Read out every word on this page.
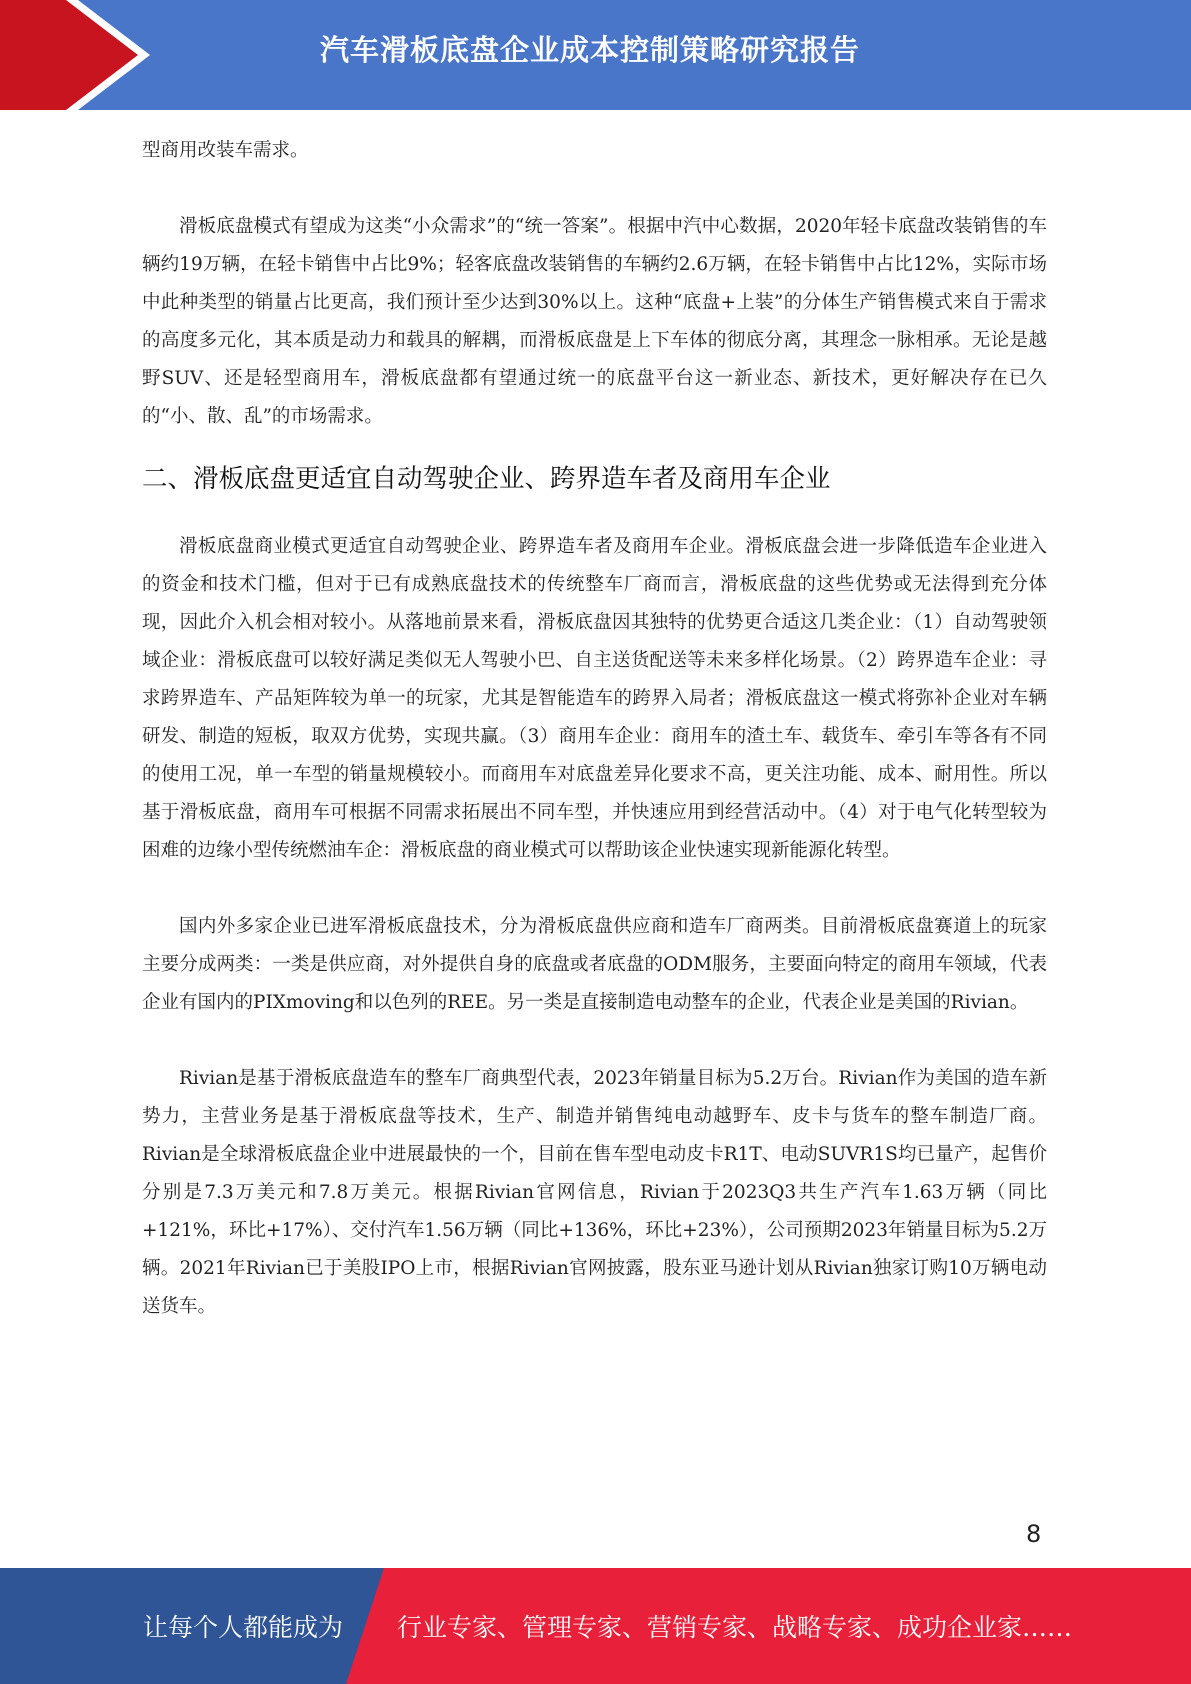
汽车滑板底盘企业成本控制策略研究报告

型商用改装车需求。

滑板底盘模式有望成为这类“小众需求”的“统一答案”。根据中汽中心数据，2020年轻卡底盘改装销售的车辆约19万辆，在轻卡销售中占比9%；轻客底盘改装销售的车辆约2.6万辆，在轻卡销售中占比12%，实际市场中此种类型的销量占比更高，我们预计至少达到30%以上。这种“底盘+上装”的分体生产销售模式来自于需求的高度多元化，其本质是动力和载具的解耦，而滑板底盘是上下车体的彻底分离，其理念一脉相承。无论是越野SUV、还是轻型商用车，滑板底盘都有望通过统一的底盘平台这一新业态、新技术，更好解决存在已久的“小、散、乱”的市场需求。

二、滑板底盘更适宜自动驾驶企业、跨界造车者及商用车企业

滑板底盘商业模式更适宜自动驾驶企业、跨界造车者及商用车企业。滑板底盘会进一步降低造车企业进入的资金和技术门槛，但对于已有成熟底盘技术的传统整车厂商而言，滑板底盘的这些优势或无法得到充分体现，因此介入机会相对较小。从落地前景来看，滑板底盘因其独特的优势更合适这几类企业：（1）自动驾驶领域企业：滑板底盘可以较好满足类似无人驾驶小巴、自主送货配送等未来多样化场景。（2）跨界造车企业：寻求跨界造车、产品矩阵较为单一的玩家，尤其是智能造车的跨界入局者；滑板底盘这一模式将弥补企业对车辆研发、制造的短板，取双方优势，实现共赢。（3）商用车企业：商用车的渣土车、载货车、牵引车等各有不同的使用工况，单一车型的销量规模较小。而商用车对底盘差异化要求不高，更关注功能、成本、耐用性。所以基于滑板底盘，商用车可根据不同需求拓展出不同车型，并快速应用到经营活动中。（4）对于电气化转型较为困难的边缘小型传统燃油车企：滑板底盘的商业模式可以帮助该企业快速实现新能源化转型。

国内外多家企业已进军滑板底盘技术，分为滑板底盘供应商和造车厂商两类。目前滑板底盘赛道上的玩家主要分成两类：一类是供应商，对外提供自身的底盘或者底盘的ODM服务，主要面向特定的商用车领域，代表企业有国内的PIXmoving和以色列的REE。另一类是直接制造电动整车的企业，代表企业是美国的Rivian。

Rivian是基于滑板底盘造车的整车厂商典型代表，2023年销量目标为5.2万台。Rivian作为美国的造车新势力，主营业务是基于滑板底盘等技术，生产、制造并销售纯电动越野车、皮卡与货车的整车制造厂商。Rivian是全球滑板底盘企业中进展最快的一个，目前在售车型电动皮卡R1T、电动SUVR1S均已量产，起售价分别是7.3万美元和7.8万美元。根据Rivian官网信息，Rivian于2023Q3共生产汽车1.63万辆（同比+121%，环比+17%）、交付汽车1.56万辆（同比+136%，环比+23%），公司预期2023年销量目标为5.2万辆。2021年Rivian已于美股IPO上市，根据Rivian官网披露，股东亚马逊计划从Rivian独家订购10万辆电动送货车。

8
让每个人都能成为 行业专家、管理专家、营销专家、战略专家、成功企业家……
